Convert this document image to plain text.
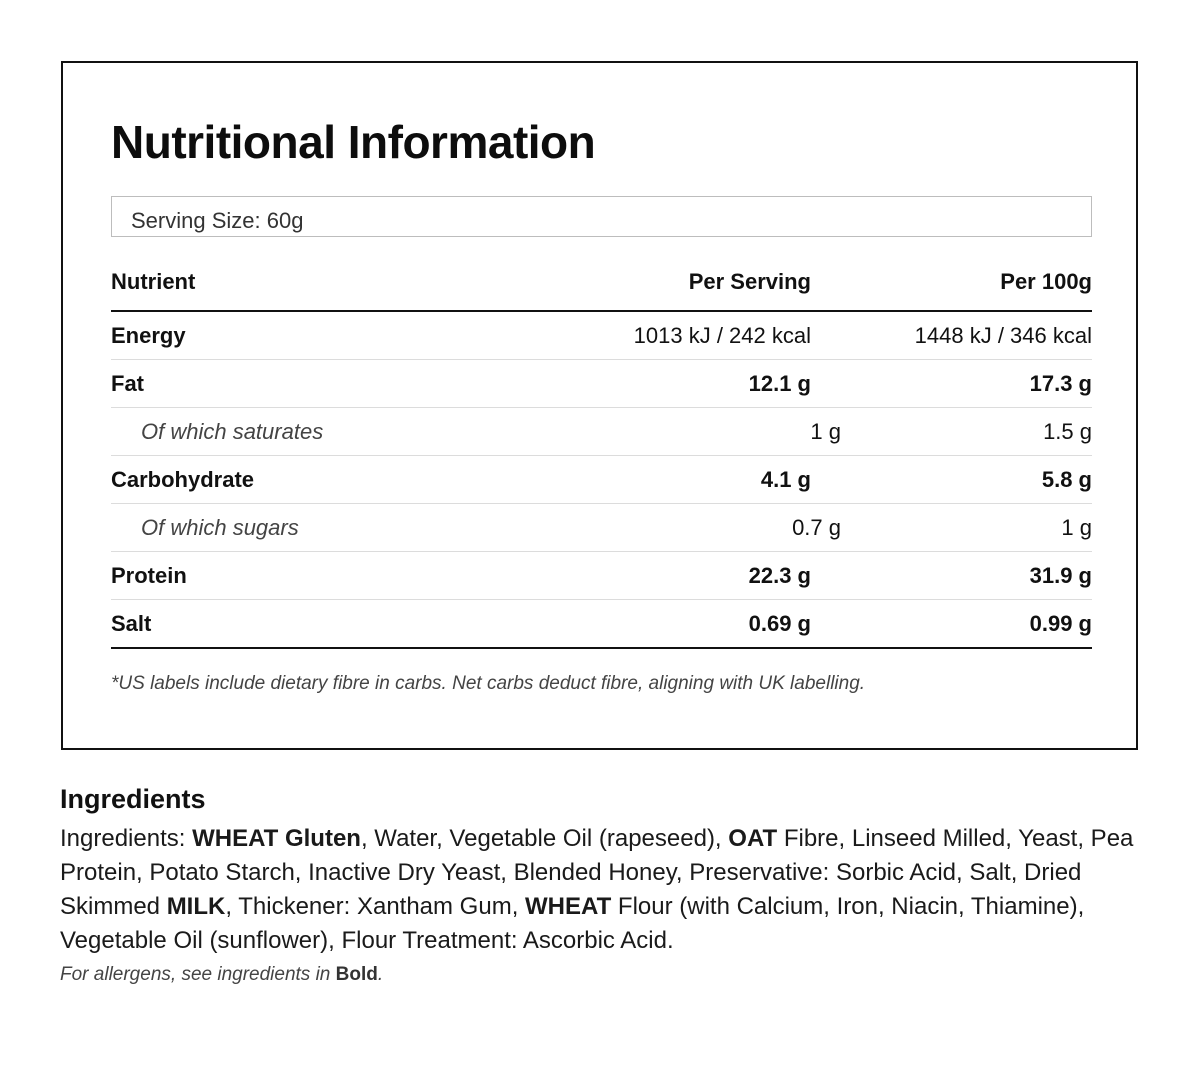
Nutritional Information
Serving Size: 60g
Nutrient	Per Serving	Per 100g
Energy	1013 kJ / 242 kcal	1448 kJ / 346 kcal
Fat	12.1 g	17.3 g
Of which saturates	1 g	1.5 g
Carbohydrate	4.1 g	5.8 g
Of which sugars	0.7 g	1 g
Protein	22.3 g	31.9 g
Salt	0.69 g	0.99 g
*US labels include dietary fibre in carbs. Net carbs deduct fibre, aligning with UK labelling.
Ingredients
Ingredients: WHEAT Gluten, Water, Vegetable Oil (rapeseed), OAT Fibre, Linseed Milled, Yeast, Pea Protein, Potato Starch, Inactive Dry Yeast, Blended Honey, Preservative: Sorbic Acid, Salt, Dried Skimmed MILK, Thickener: Xantham Gum, WHEAT Flour (with Calcium, Iron, Niacin, Thiamine), Vegetable Oil (sunflower), Flour Treatment: Ascorbic Acid.
For allergens, see ingredients in Bold.
